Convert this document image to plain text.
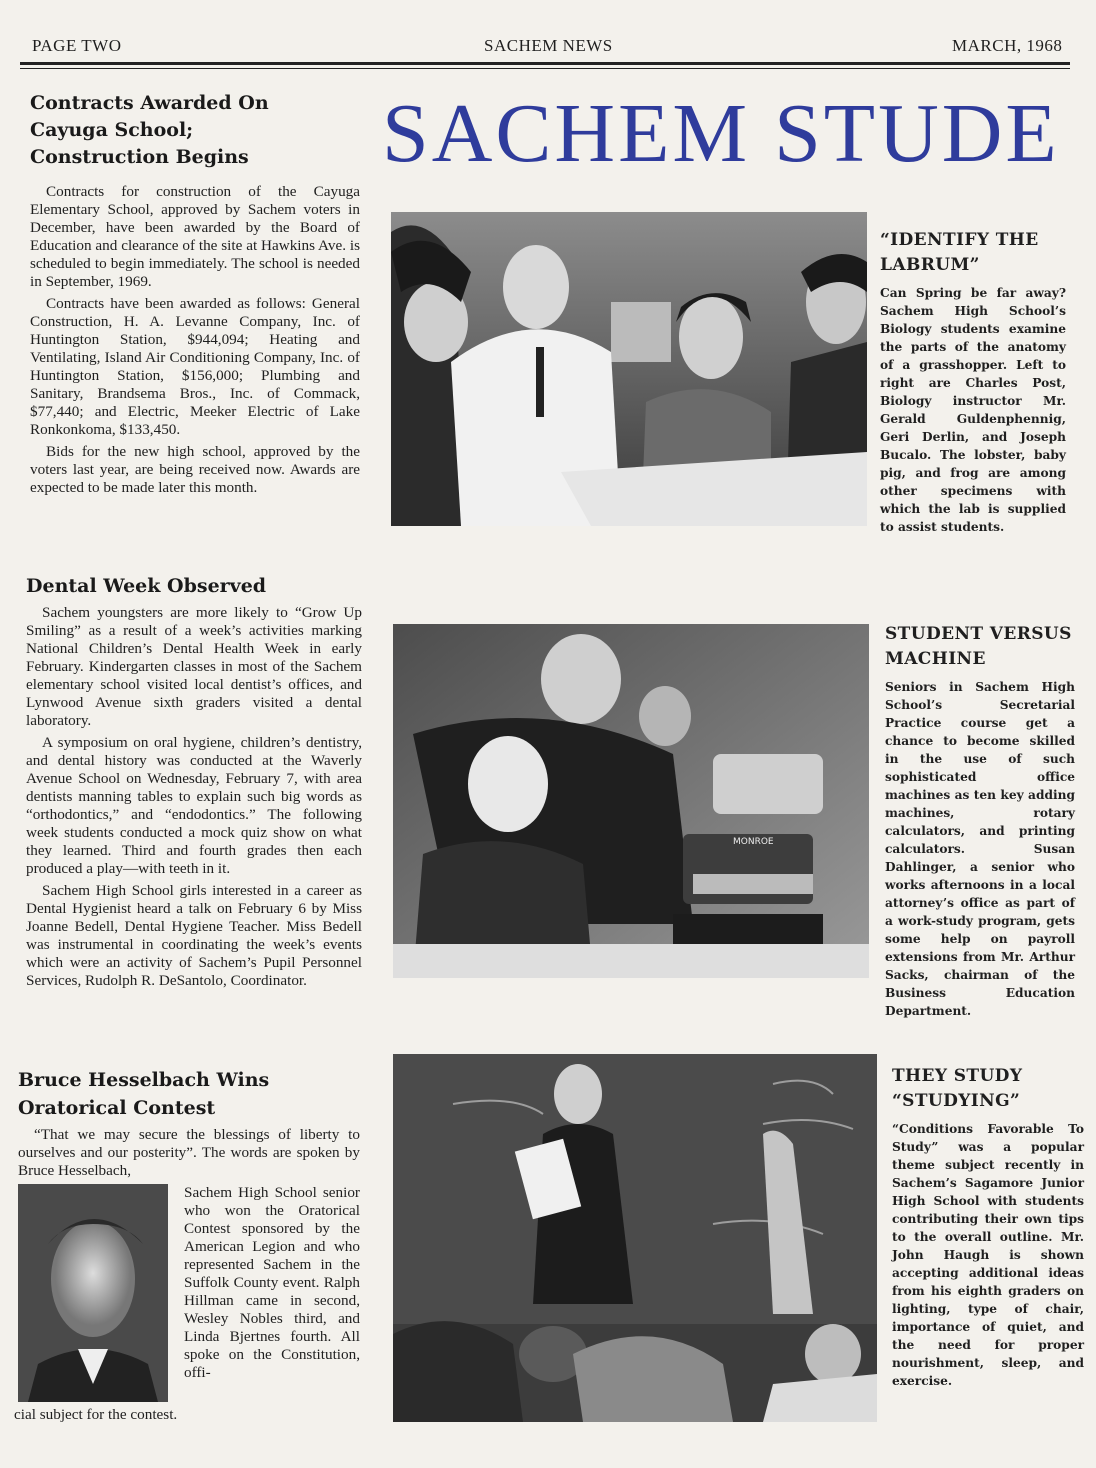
PAGE TWO	SACHEM NEWS	MARCH, 1968
SACHEM STUDE
Contracts Awarded On
Cayuga School;
Construction Begins

Contracts for construction of the Cayuga Elementary School, approved by Sachem voters in December, have been awarded by the Board of Education and clearance of the site at Hawkins Ave. is scheduled to begin immediately. The school is needed in September, 1969.

Contracts have been awarded as follows: General Construction, H. A. Levanne Company, Inc. of Huntington Station, $944,094; Heating and Ventilating, Island Air Conditioning Company, Inc. of Huntington Station, $156,000; Plumbing and Sanitary, Brandsema Bros., Inc. of Commack, $77,440; and Electric, Meeker Electric of Lake Ronkonkoma, $133,450.

Bids for the new high school, approved by the voters last year, are being received now. Awards are expected to be made later this month.

Dental Week Observed

Sachem youngsters are more likely to “Grow Up Smiling” as a result of a week’s activities marking National Children’s Dental Health Week in early February. Kindergarten classes in most of the Sachem elementary school visited local dentist’s offices, and Lynwood Avenue sixth graders visited a dental laboratory.

A symposium on oral hygiene, children’s dentistry, and dental history was conducted at the Waverly Avenue School on Wednesday, February 7, with area dentists manning tables to explain such big words as “orthodontics,” and “endodontics.” The following week students conducted a mock quiz show on what they learned. Third and fourth grades then each produced a play—with teeth in it.

Sachem High School girls interested in a career as Dental Hygienist heard a talk on February 6 by Miss Joanne Bedell, Dental Hygiene Teacher. Miss Bedell was instrumental in coordinating the week’s events which were an activity of Sachem’s Pupil Personnel Services, Rudolph R. DeSantolo, Coordinator.

Bruce Hesselbach Wins
Oratorical Contest

“That we may secure the blessings of liberty to ourselves and our posterity”. The words are spoken by Bruce Hesselbach,

Sachem High School senior who won the Oratorical Contest sponsored by the American Legion and who represented Sachem in the Suffolk County event. Ralph Hillman came in second, Wesley Nobles third, and Linda Bjertnes fourth. All spoke on the Constitution, offi-

cial subject for the contest.

MONROE
“IDENTIFY THE
LABRUM”

Can Spring be far away? Sachem High School’s Biology students examine the parts of the anatomy of a grasshopper. Left to right are Charles Post, Biology instructor Mr. Gerald Guldenphennig, Geri Derlin, and Joseph Bucalo. The lobster, baby pig, and frog are among other specimens with which the lab is supplied to assist students.

STUDENT VERSUS
MACHINE

Seniors in Sachem High School’s Secretarial Practice course get a chance to become skilled in the use of such sophisticated office machines as ten key adding machines, rotary calculators, and printing calculators. Susan Dahlinger, a senior who works afternoons in a local attorney’s office as part of a work-study program, gets some help on payroll extensions from Mr. Arthur Sacks, chairman of the Business Education Department.

THEY STUDY
“STUDYING”

“Conditions Favorable To Study” was a popular theme subject recently in Sachem’s Sagamore Junior High School with students contributing their own tips to the overall outline. Mr. John Haugh is shown accepting additional ideas from his eighth graders on lighting, type of chair, importance of quiet, and the need for proper nourishment, sleep, and exercise.
